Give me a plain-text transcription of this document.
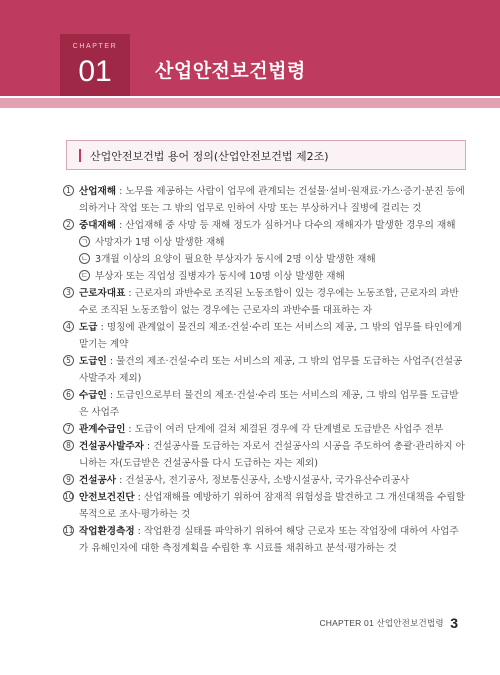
CHAPTER
01	산업안전보건법령
산업안전보건법 용어 정의(산업안전보건법 제2조)
1 산업재해 : 노무를 제공하는 사람이 업무에 관계되는 건설물·설비·원재료·가스·증기·분진 등에 의하거나 작업 또는 그 밖의 업무로 인하여 사망 또는 부상하거나 질병에 걸리는 것
2 중대재해 : 산업재해 중 사망 등 재해 정도가 심하거나 다수의 재해자가 발생한 경우의 재해
ㄱ 사망자가 1명 이상 발생한 재해
ㄴ 3개월 이상의 요양이 필요한 부상자가 동시에 2명 이상 발생한 재해
ㄷ 부상자 또는 직업성 질병자가 동시에 10명 이상 발생한 재해
3 근로자대표 : 근로자의 과반수로 조직된 노동조합이 있는 경우에는 노동조합, 근로자의 과반수로 조직된 노동조합이 없는 경우에는 근로자의 과반수를 대표하는 자
4 도급 : 명칭에 관계없이 물건의 제조·건설·수리 또는 서비스의 제공, 그 밖의 업무를 타인에게 맡기는 계약
5 도급인 : 물건의 제조·건설·수리 또는 서비스의 제공, 그 밖의 업무를 도급하는 사업주(건설공사발주자 제외)
6 수급인 : 도급인으로부터 물건의 제조·건설·수리 또는 서비스의 제공, 그 밖의 업무를 도급받은 사업주
7 관계수급인 : 도급이 여러 단계에 걸쳐 체결된 경우에 각 단계별로 도급받은 사업주 전부
8 건설공사발주자 : 건설공사를 도급하는 자로서 건설공사의 시공을 주도하여 총괄·관리하지 아니하는 자(도급받은 건설공사를 다시 도급하는 자는 제외)
9 건설공사 : 건설공사, 전기공사, 정보통신공사, 소방시설공사, 국가유산수리공사
10 안전보건진단 : 산업재해를 예방하기 위하여 잠재적 위험성을 발견하고 그 개선대책을 수립할 목적으로 조사·평가하는 것
11 작업환경측정 : 작업환경 실태를 파악하기 위하여 해당 근로자 또는 작업장에 대하여 사업주가 유해인자에 대한 측정계획을 수립한 후 시료를 채취하고 분석·평가하는 것
CHAPTER 01 산업안전보건법령 3
